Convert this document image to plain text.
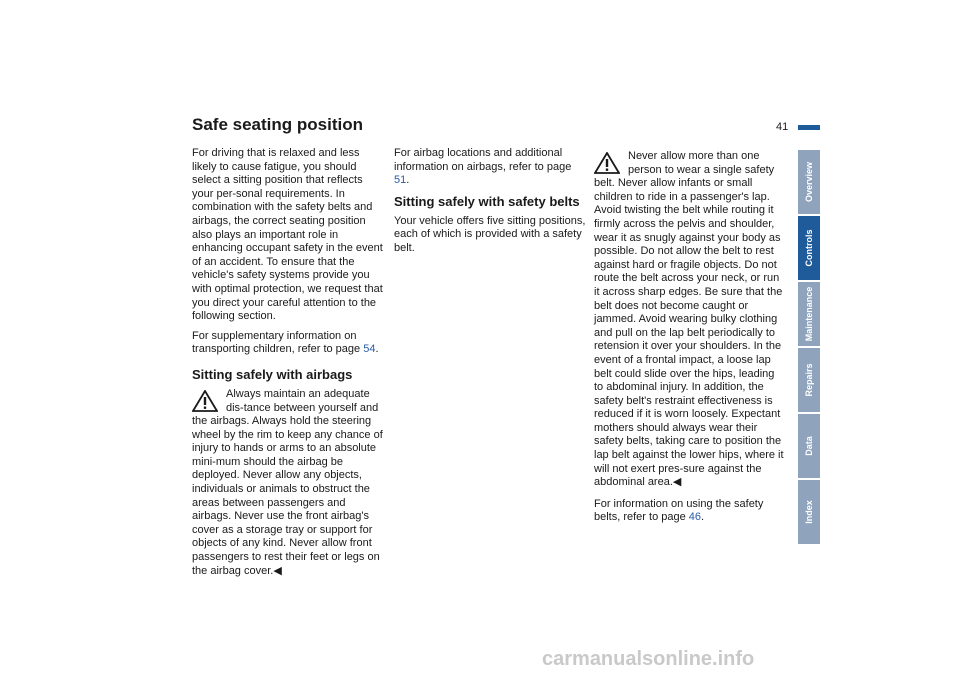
Safe seating position	41

For driving that is relaxed and less likely to cause fatigue, you should select a sitting position that reflects your per-sonal requirements. In combination with the safety belts and airbags, the correct seating position also plays an important role in enhancing occupant safety in the event of an accident. To ensure that the vehicle's safety systems provide you with optimal protection, we request that you direct your careful attention to the following section.

For supplementary information on transporting children, refer to page 54.

Sitting safely with airbags

Always maintain an adequate dis-tance between yourself and the airbags. Always hold the steering wheel by the rim to keep any chance of injury to hands or arms to an absolute mini-mum should the airbag be deployed. Never allow any objects, individuals or animals to obstruct the areas between passengers and airbags. Never use the front airbag's cover as a storage tray or support for objects of any kind. Never allow front passengers to rest their feet or legs on the airbag cover.◀

For airbag locations and additional information on airbags, refer to page 51.

Sitting safely with safety belts

Your vehicle offers five sitting positions, each of which is provided with a safety belt.

Never allow more than one person to wear a single safety belt. Never allow infants or small children to ride in a passenger's lap. Avoid twisting the belt while routing it firmly across the pelvis and shoulder, wear it as snugly against your body as possible. Do not allow the belt to rest against hard or fragile objects. Do not route the belt across your neck, or run it across sharp edges. Be sure that the belt does not become caught or jammed. Avoid wearing bulky clothing and pull on the lap belt periodically to retension it over your shoulders. In the event of a frontal impact, a loose lap belt could slide over the hips, leading to abdominal injury. In addition, the safety belt's restraint effectiveness is reduced if it is worn loosely. Expectant mothers should always wear their safety belts, taking care to position the lap belt against the lower hips, where it will not exert pres-sure against the abdominal area.◀

For information on using the safety belts, refer to page 46.

Overview
Controls
Maintenance
Repairs
Data
Index
carmanualsonline.info
